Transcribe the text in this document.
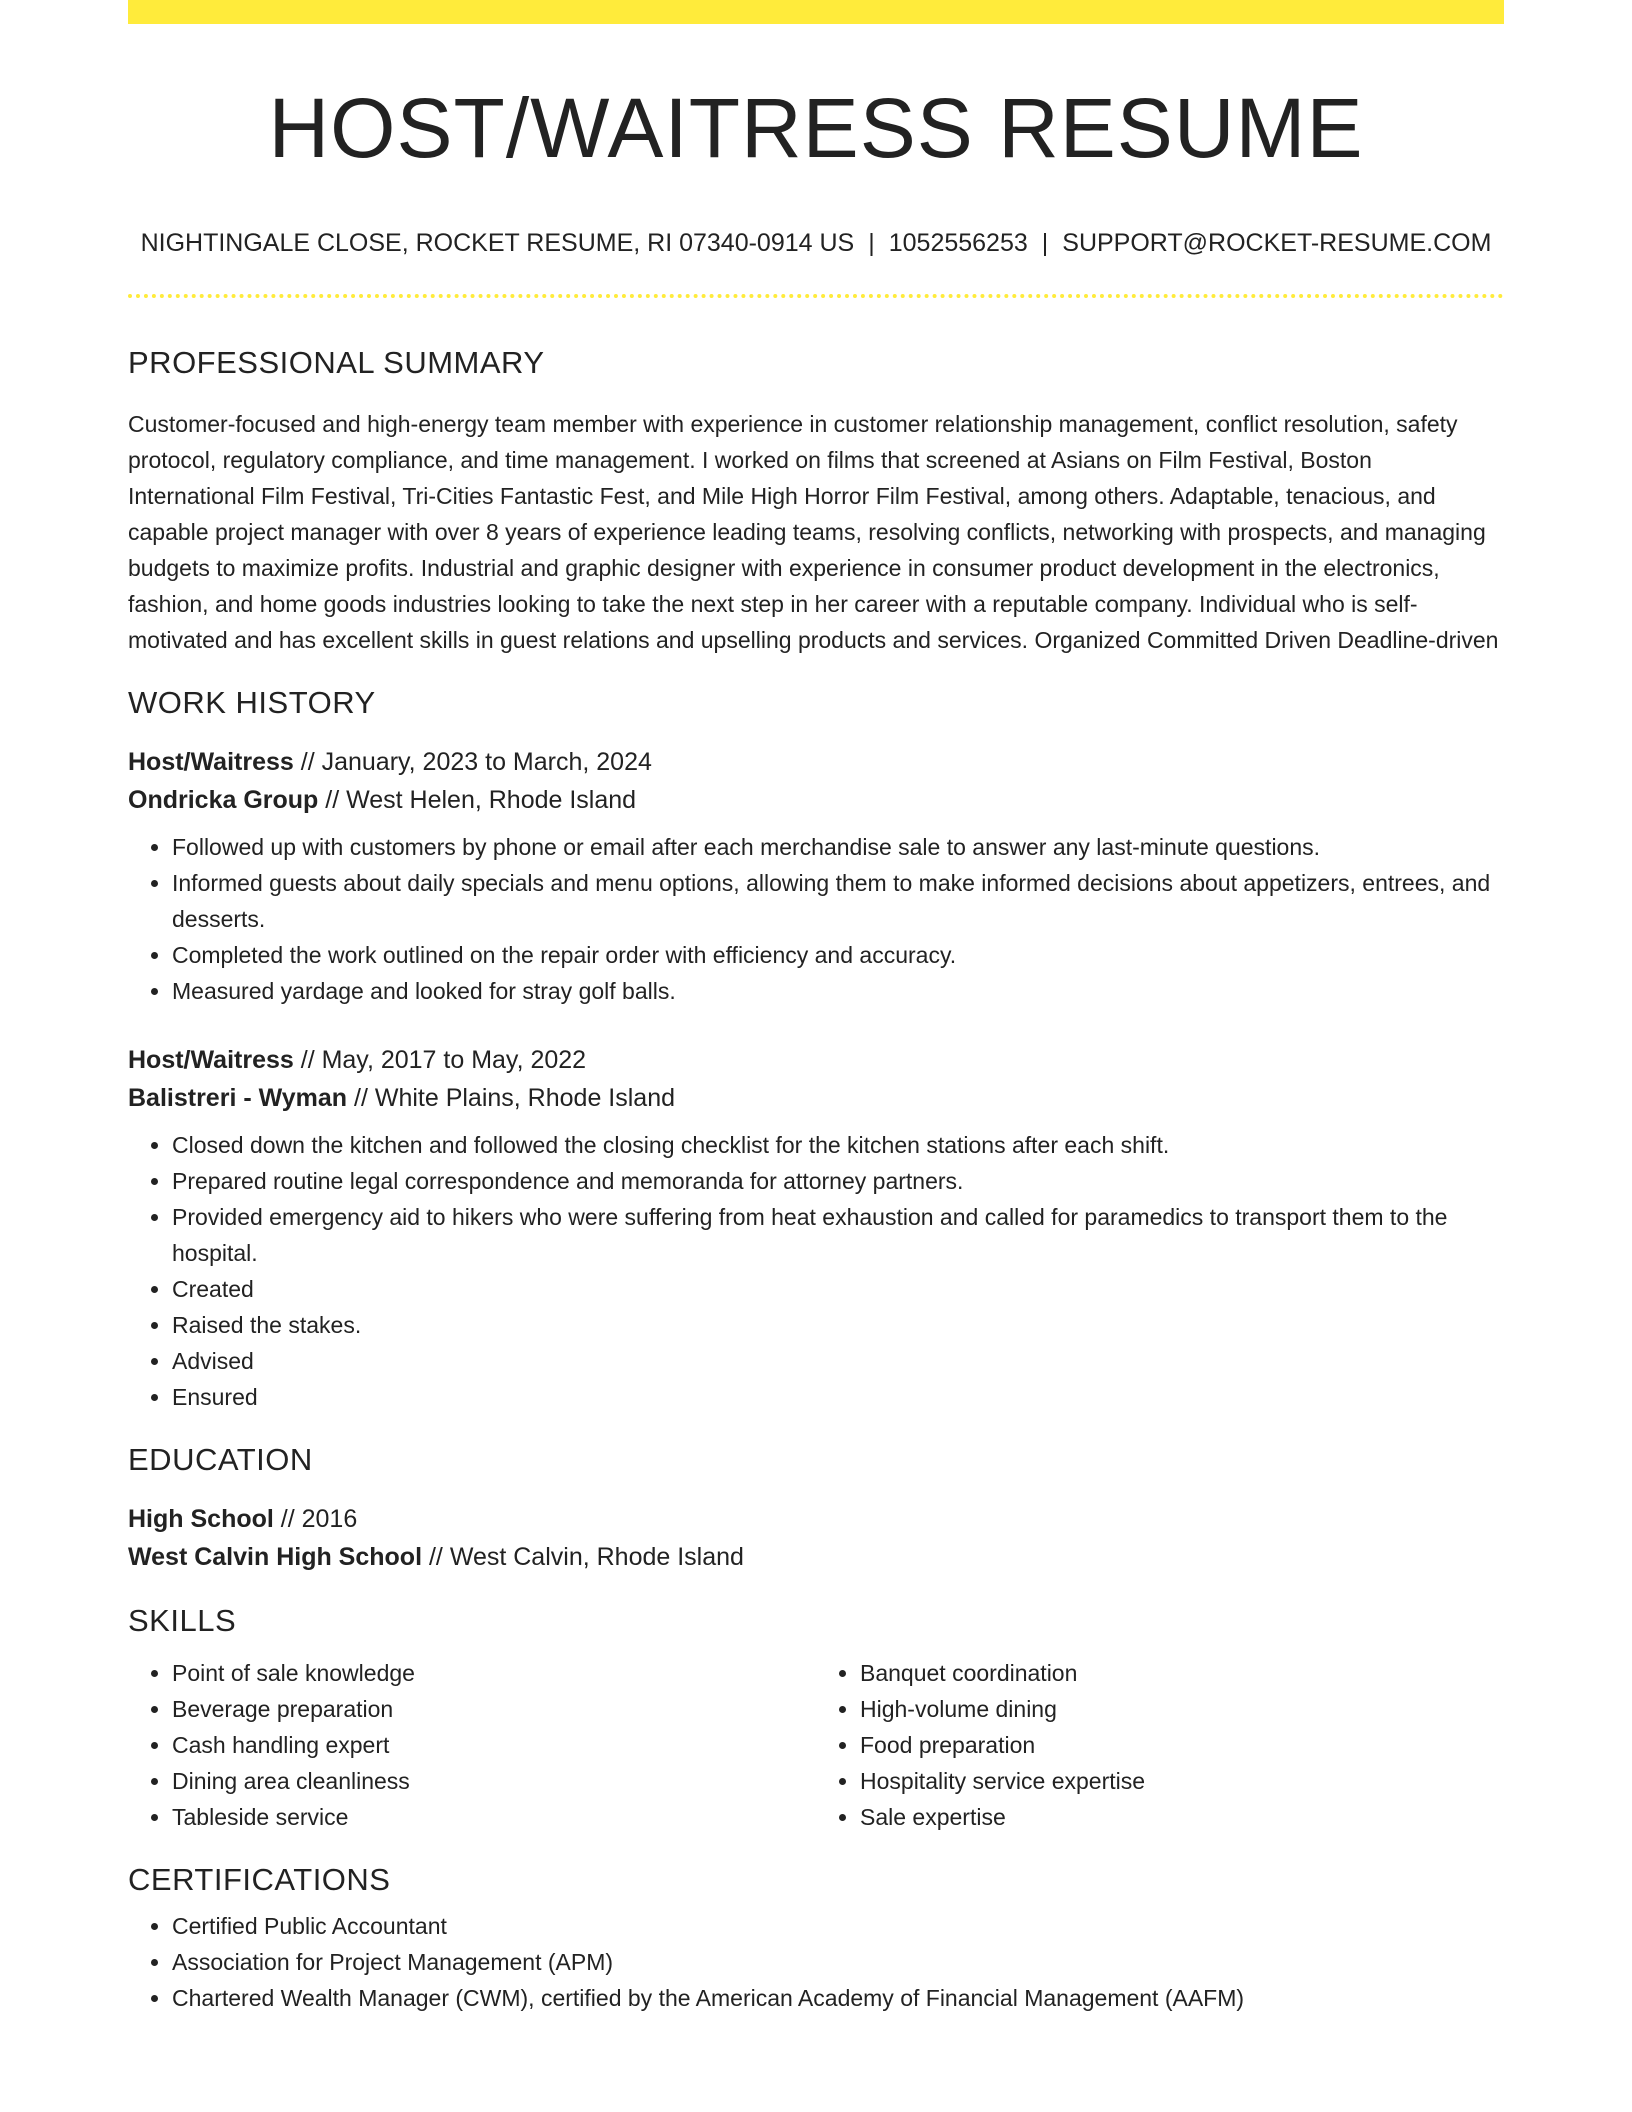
HOST/WAITRESS RESUME
NIGHTINGALE CLOSE, ROCKET RESUME, RI 07340-0914 US | 1052556253 | SUPPORT@ROCKET-RESUME.COM
PROFESSIONAL SUMMARY
Customer-focused and high-energy team member with experience in customer relationship management, conflict resolution, safety protocol, regulatory compliance, and time management. I worked on films that screened at Asians on Film Festival, Boston International Film Festival, Tri-Cities Fantastic Fest, and Mile High Horror Film Festival, among others. Adaptable, tenacious, and capable project manager with over 8 years of experience leading teams, resolving conflicts, networking with prospects, and managing budgets to maximize profits. Industrial and graphic designer with experience in consumer product development in the electronics, fashion, and home goods industries looking to take the next step in her career with a reputable company. Individual who is self-motivated and has excellent skills in guest relations and upselling products and services. Organized Committed Driven Deadline-driven
WORK HISTORY
Host/Waitress // January, 2023 to March, 2024
Ondricka Group // West Helen, Rhode Island
• Followed up with customers by phone or email after each merchandise sale to answer any last-minute questions.
• Informed guests about daily specials and menu options, allowing them to make informed decisions about appetizers, entrees, and desserts.
• Completed the work outlined on the repair order with efficiency and accuracy.
• Measured yardage and looked for stray golf balls.
Host/Waitress // May, 2017 to May, 2022
Balistreri - Wyman // White Plains, Rhode Island
• Closed down the kitchen and followed the closing checklist for the kitchen stations after each shift.
• Prepared routine legal correspondence and memoranda for attorney partners.
• Provided emergency aid to hikers who were suffering from heat exhaustion and called for paramedics to transport them to the hospital.
• Created
• Raised the stakes.
• Advised
• Ensured
EDUCATION
High School // 2016
West Calvin High School // West Calvin, Rhode Island
SKILLS
• Point of sale knowledge
• Beverage preparation
• Cash handling expert
• Dining area cleanliness
• Tableside service
• Banquet coordination
• High-volume dining
• Food preparation
• Hospitality service expertise
• Sale expertise
CERTIFICATIONS
• Certified Public Accountant
• Association for Project Management (APM)
• Chartered Wealth Manager (CWM), certified by the American Academy of Financial Management (AAFM)
